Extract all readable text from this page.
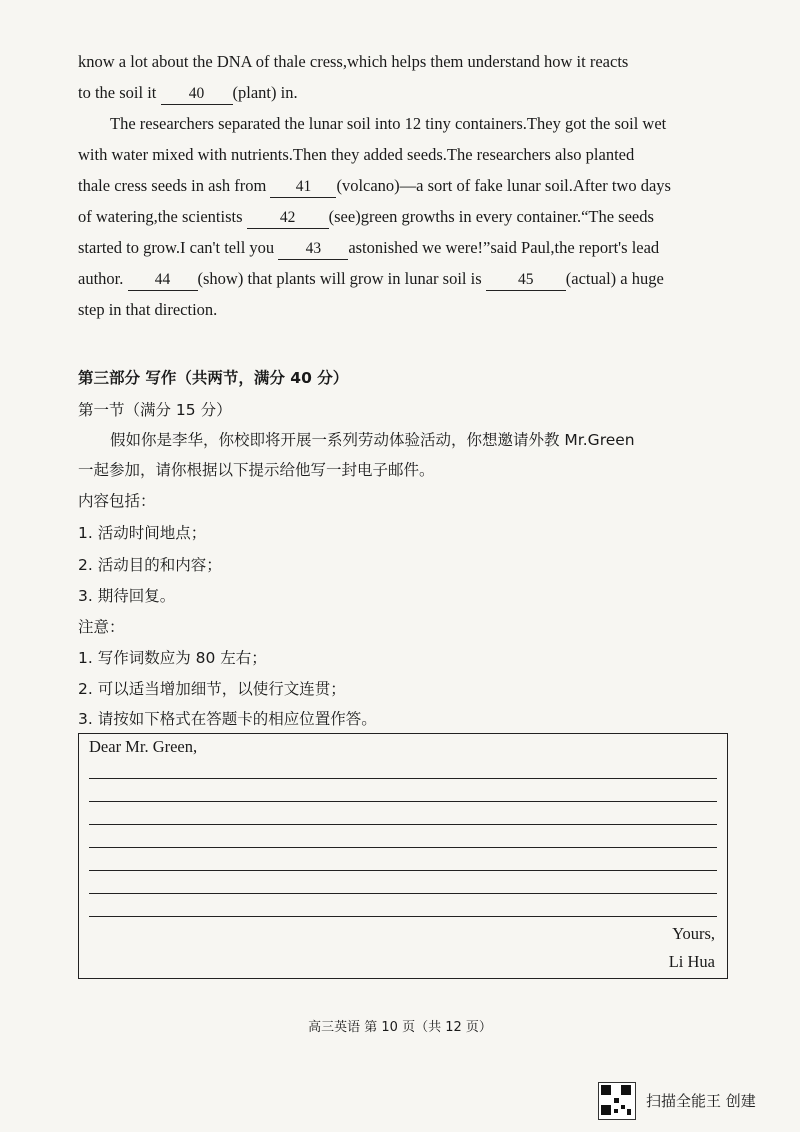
know a lot about the DNA of thale cress,which helps them understand how it reacts
to the soil it 40 (plant) in.
The researchers separated the lunar soil into 12 tiny containers.They got the soil wet
with water mixed with nutrients.Then they added seeds.The researchers also planted
thale cress seeds in ash from 41 (volcano)—a sort of fake lunar soil.After two days
of watering,the scientists 42 (see)green growths in every container.“The seeds
started to grow.I can't tell you 43 astonished we were!”said Paul,the report's lead
author. 44 (show) that plants will grow in lunar soil is 45 (actual) a huge
step in that direction.
第三部分 写作（共两节，满分 40 分）
第一节（满分 15 分）
假如你是李华，你校即将开展一系列劳动体验活动，你想邀请外教 Mr.Green
一起参加，请你根据以下提示给他写一封电子邮件。
内容包括：
1. 活动时间地点；
2. 活动目的和内容；
3. 期待回复。
注意：
1. 写作词数应为 80 左右；
2. 可以适当增加细节，以使行文连贯；
3. 请按如下格式在答题卡的相应位置作答。
Dear Mr. Green,
Yours,
Li Hua
高三英语 第 10 页（共 12 页）
扫描全能王 创建
